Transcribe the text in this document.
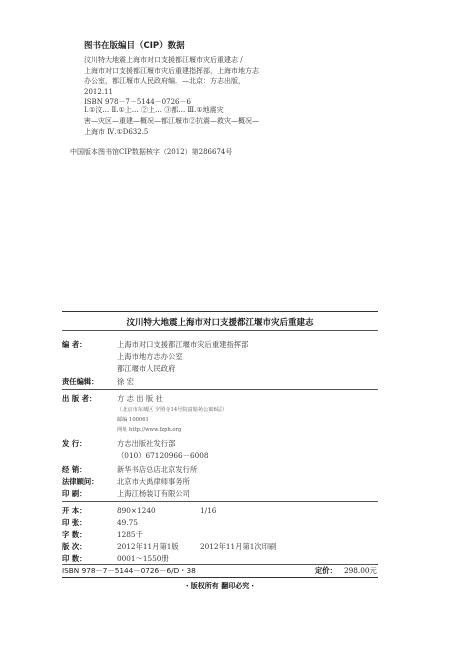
图书在版编目（CIP）数据
汶川特大地震上海市对口支援都江堰市灾后重建志 /
上海市对口支援都江堰市灾后重建指挥部，上海市地方志
办公室，都江堰市人民政府编．—北京：方志出版，
2012.11
ISBN 978－7－5144－0726－6
Ⅰ.①汶… Ⅱ.①上… ②上… ③都… Ⅲ.①地震灾
害—灾区—重建—概况—都江堰市②抗震—救灾—概况—
上海市 Ⅳ.①D632.5
中国版本图书馆CIP数据核字（2012）第286674号
汶川特大地震上海市对口支援都江堰市灾后重建志
编 者：	上海市对口支援都江堰市灾后重建指挥部
上海市地方志办公室
都江堰市人民政府
责任编辑：	徐 宏
出 版 者：	方 志 出 版 社
（北京市东城区 夕照寺14号院富暗苑公寓6层）
邮编 100061
网址 http://www.fzph.org
发 行：	方志出版社发行部
（010）67120966－6008
经 销：	新华书店总店北京发行所
法律顾问：	北京市大禹律师事务所
印 刷：	上海江杨装订有限公司
开 本：	890×1240	1/16
印 张：	49.75
字 数：	1285千
版 次：	2012年11月第1版	2012年11月第1次印刷
印 数：	0001～1550册
ISBN 978－7－5144－0726－6/D・38	定价： 298.00元
・版权所有 翻印必究・
